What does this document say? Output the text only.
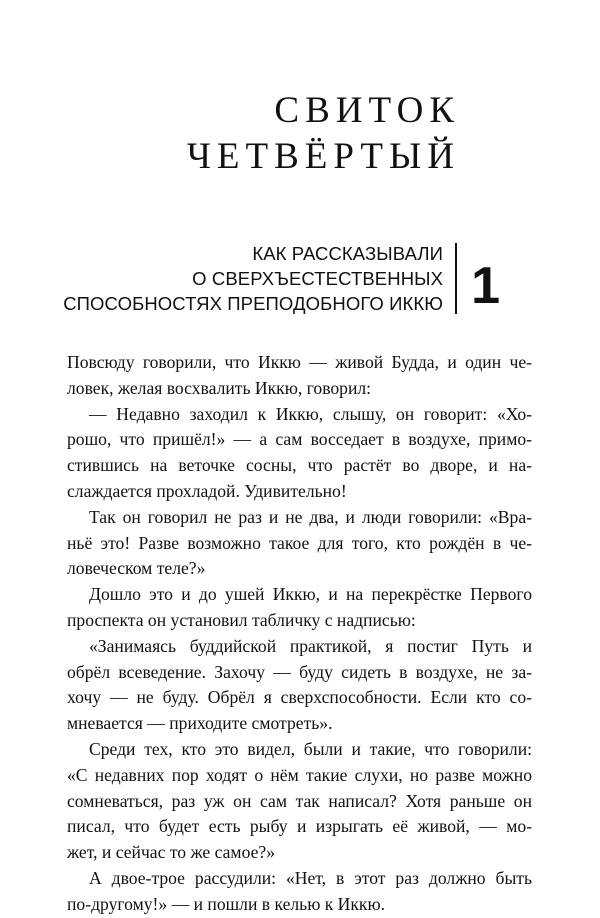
СВИТОК
ЧЕТВЁРТЫЙ
КАК РАССКАЗЫВАЛИ
О СВЕРХЪЕСТЕСТВЕННЫХ
СПОСОБНОСТЯХ ПРЕПОДОБНОГО ИККЮ 1
Повсюду говорили, что Иккю — живой Будда, и один че-
ловек, желая восхвалить Иккю, говорил:
— Недавно заходил к Иккю, слышу, он говорит: «Хо-
рошо, что пришёл!» — а сам восседает в воздухе, примо-
стившись на веточке сосны, что растёт во дворе, и на-
слаждается прохладой. Удивительно!
Так он говорил не раз и не два, и люди говорили: «Вра-
ньё это! Разве возможно такое для того, кто рождён в че-
ловеческом теле?»
Дошло это и до ушей Иккю, и на перекрёстке Первого
проспекта он установил табличку с надписью:
«Занимаясь буддийской практикой, я постиг Путь и
обрёл всеведение. Захочу — буду сидеть в воздухе, не за-
хочу — не буду. Обрёл я сверхспособности. Если кто со-
мневается — приходите смотреть».
Среди тех, кто это видел, были и такие, что говорили:
«С недавних пор ходят о нём такие слухи, но разве можно
сомневаться, раз уж он сам так написал? Хотя раньше он
писал, что будет есть рыбу и изрыгать её живой, — мо-
жет, и сейчас то же самое?»
А двое-трое рассудили: «Нет, в этот раз должно быть
по-другому!» — и пошли в келью к Иккю.
